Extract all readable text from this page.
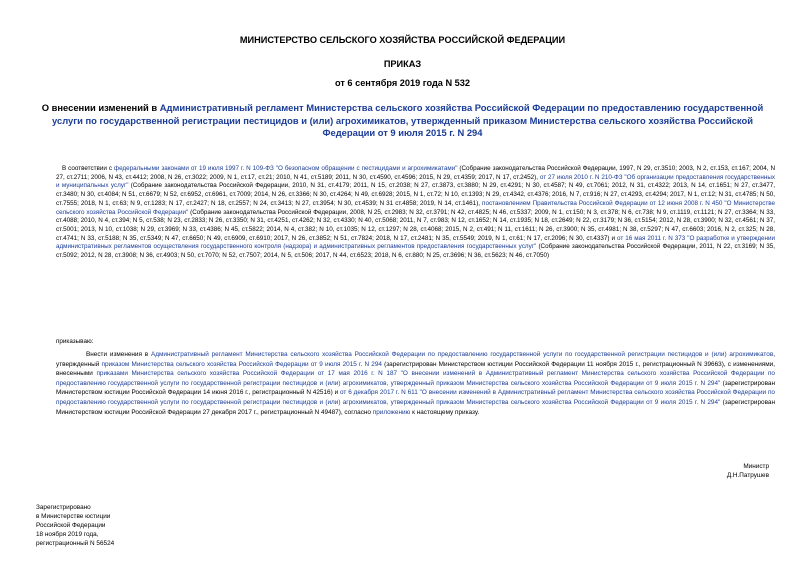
МИНИСТЕРСТВО СЕЛЬСКОГО ХОЗЯЙСТВА РОССИЙСКОЙ ФЕДЕРАЦИИ
ПРИКАЗ
от 6 сентября 2019 года N 532
О внесении изменений в Административный регламент Министерства сельского хозяйства Российской Федерации по предоставлению государственной услуги по государственной регистрации пестицидов и (или) агрохимикатов, утвержденный приказом Министерства сельского хозяйства Российской Федерации от 9 июля 2015 г. N 294
В соответствии с федеральными законами от 19 июля 1997 г. N 109-ФЗ "О безопасном обращении с пестицидами и агрохимикатами" (Собрание законодательства Российской Федерации, 1997, N 29, ст.3510; 2003, N 2, ст.153, ст.167; 2004, N 27, ст.2711; 2006, N 43, ст.4412; 2008, N 26, ст.3022; 2009, N 1, ст.17, ст.21; 2010, N 41, ст.5189; 2011, N 30, ст.4590, ст.4596; 2015, N 29, ст.4359; 2017, N 17, ст.2452), от 27 июля 2010 г. N 210-ФЗ "Об организации предоставления государственных и муниципальных услуг" (Собрание законодательства Российской Федерации, 2010, N 31, ст.4179; 2011, N 15, ст.2038; N 27, ст.3873, ст.3880; N 29, ст.4291; N 30, ст.4587; N 49, ст.7061; 2012, N 31, ст.4322; 2013, N 14, ст.1651; N 27, ст.3477, ст.3480; N 30, ст.4084; N 51, ст.6679; N 52, ст.6952, ст.6961, ст.7009; 2014, N 26, ст.3366; N 30, ст.4264; N 49, ст.6928; 2015, N 1, ст.72; N 10, ст.1393; N 29, ст.4342, ст.4376; 2016, N 7, ст.916; N 27, ст.4293, ст.4294; 2017, N 1, ст.12; N 31, ст.4785; N 50, ст.7555; 2018, N 1, ст.63; N 9, ст.1283; N 17, ст.2427; N 18, ст.2557; N 24, ст.3413; N 27, ст.3954; N 30, ст.4539; N 31 ст.4858; 2019, N 14, ст.1461), постановлением Правительства Российской Федерации от 12 июня 2008 г. N 450 "О Министерстве сельского хозяйства Российской Федерации" (Собрание законодательства Российской Федерации, 2008, N 25, ст.2983; N 32, ст.3791; N 42, ст.4825; N 46, ст.5337; 2009, N 1, ст.150; N 3, ст.378; N 6, ст.738; N 9, ст.1119, ст.1121; N 27, ст.3364; N 33, ст.4088; 2010, N 4, ст.394; N 5, ст.538; N 23, ст.2833; N 26, ст.3350; N 31, ст.4251, ст.4262; N 32, ст.4330; N 40, ст.5068; 2011, N 7, ст.983; N 12, ст.1652; N 14, ст.1935; N 18, ст.2649; N 22, ст.3179; N 36, ст.5154; 2012, N 28, ст.3900; N 32, ст.4561; N 37, ст.5001; 2013, N 10, ст.1038; N 29, ст.3969; N 33, ст.4386; N 45, ст.5822; 2014, N 4, ст.382; N 10, ст.1035; N 12, ст.1297; N 28, ст.4068; 2015, N 2, ст.491; N 11, ст.1611; N 26, ст.3900; N 35, ст.4981; N 38, ст.5297; N 47, ст.6603; 2016, N 2, ст.325; N 28, ст.4741; N 33, ст.5188; N 35, ст.5349; N 47, ст.6650; N 49, ст.6909, ст.6910; 2017, N 26, ст.3852; N 51, ст.7824; 2018, N 17, ст.2481; N 35, ст.5549; 2019, N 1, ст.61; N 17, ст.2096; N 30, ст.4337) и от 16 мая 2011 г. N 373 "О разработке и утверждении административных регламентов осуществления государственного контроля (надзора) и административных регламентов предоставления государственных услуг" (Собрание законодательства Российской Федерации, 2011, N 22, ст.3169; N 35, ст.5092; 2012, N 28, ст.3908; N 36, ст.4903; N 50, ст.7070; N 52, ст.7507; 2014, N 5, ст.506; 2017, N 44, ст.6523; 2018, N 6, ст.880; N 25, ст.3696; N 36, ст.5623; N 46, ст.7050)
приказываю:
Внести изменения в Административный регламент Министерства сельского хозяйства Российской Федерации по предоставлению государственной услуги по государственной регистрации пестицидов и (или) агрохимикатов, утвержденный приказом Министерства сельского хозяйства Российской Федерации от 9 июля 2015 г. N 294 (зарегистрирован Министерством юстиции Российской Федерации 11 ноября 2015 г., регистрационный N 39663), с изменениями, внесенными приказами Министерства сельского хозяйства Российской Федерации от 17 мая 2016 г. N 187 "О внесении изменений в Административный регламент Министерства сельского хозяйства Российской Федерации по предоставлению государственной услуги по государственной регистрации пестицидов и (или) агрохимикатов, утвержденный приказом Министерства сельского хозяйства Российской Федерации от 9 июля 2015 г. N 294" (зарегистрирован Министерством юстиции Российской Федерации 14 июня 2016 г., регистрационный N 42516) и от 6 декабря 2017 г. N 611 "О внесении изменений в Административный регламент Министерства сельского хозяйства Российской Федерации по предоставлению государственной услуги по государственной регистрации пестицидов и (или) агрохимикатов, утвержденный приказом Министерства сельского хозяйства Российской Федерации от 9 июля 2015 г. N 294" (зарегистрирован Министерством юстиции Российской Федерации 27 декабря 2017 г., регистрационный N 49487), согласно приложению к настоящему приказу.
Министр
Д.Н.Патрушев
Зарегистрировано
в Министерстве юстиции
Российской Федерации
18 ноября 2019 года,
регистрационный N 56524
